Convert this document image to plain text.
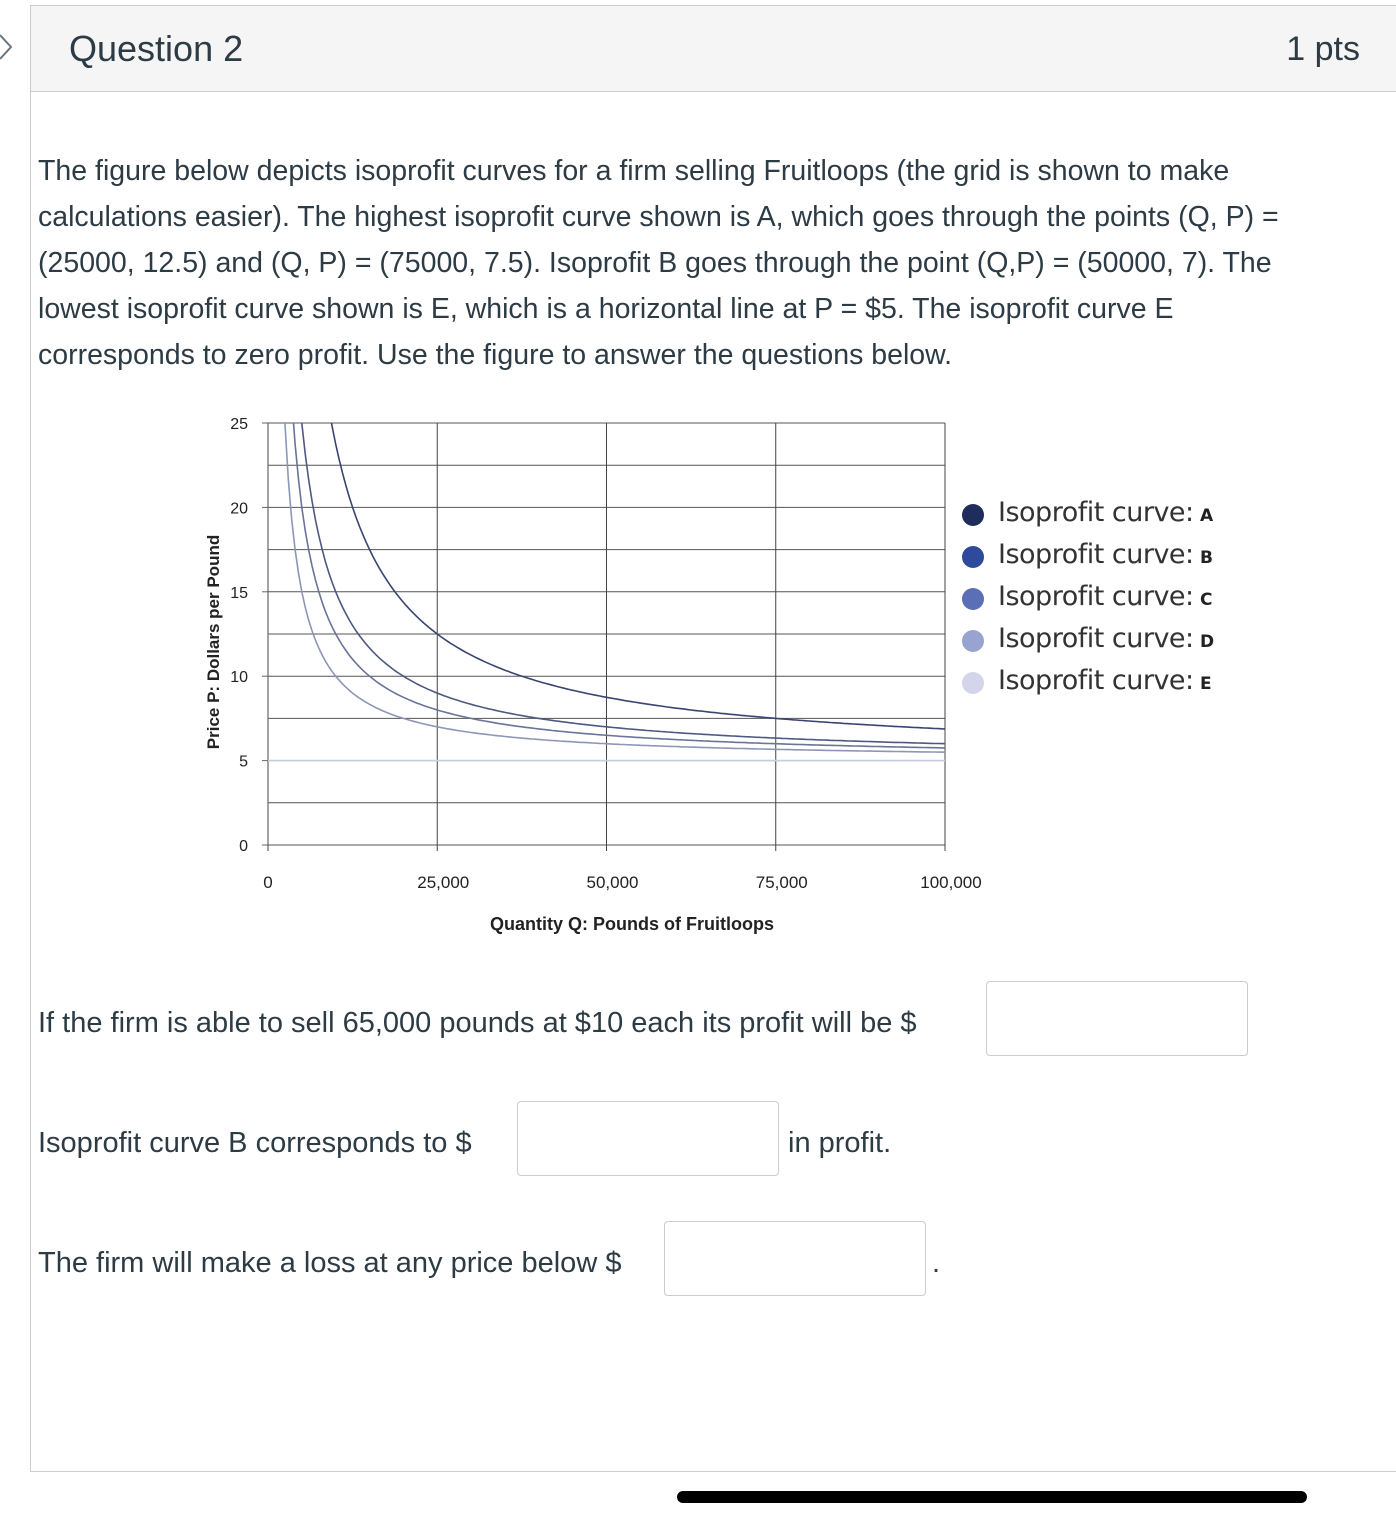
Question 2	1 pts
The figure below depicts isoprofit curves for a firm selling Fruitloops (the grid is shown to make calculations easier). The highest isoprofit curve shown is A, which goes through the points (Q, P) = (25000, 12.5) and (Q, P) = (75000, 7.5). Isoprofit B goes through the point (Q,P) = (50000, 7). The lowest isoprofit curve shown is E, which is a horizontal line at P = $5. The isoprofit curve E corresponds to zero profit. Use the figure to answer the questions below.
0
5
10
15
20
25
0	25,000	50,000	75,000	100,000
Quantity Q: Pounds of Fruitloops
Price P: Dollars per Pound
Isoprofit curve: A
Isoprofit curve: B
Isoprofit curve: C
Isoprofit curve: D
Isoprofit curve: E
If the firm is able to sell 65,000 pounds at $10 each its profit will be $
Isoprofit curve B corresponds to $	in profit.
The firm will make a loss at any price below $	.
